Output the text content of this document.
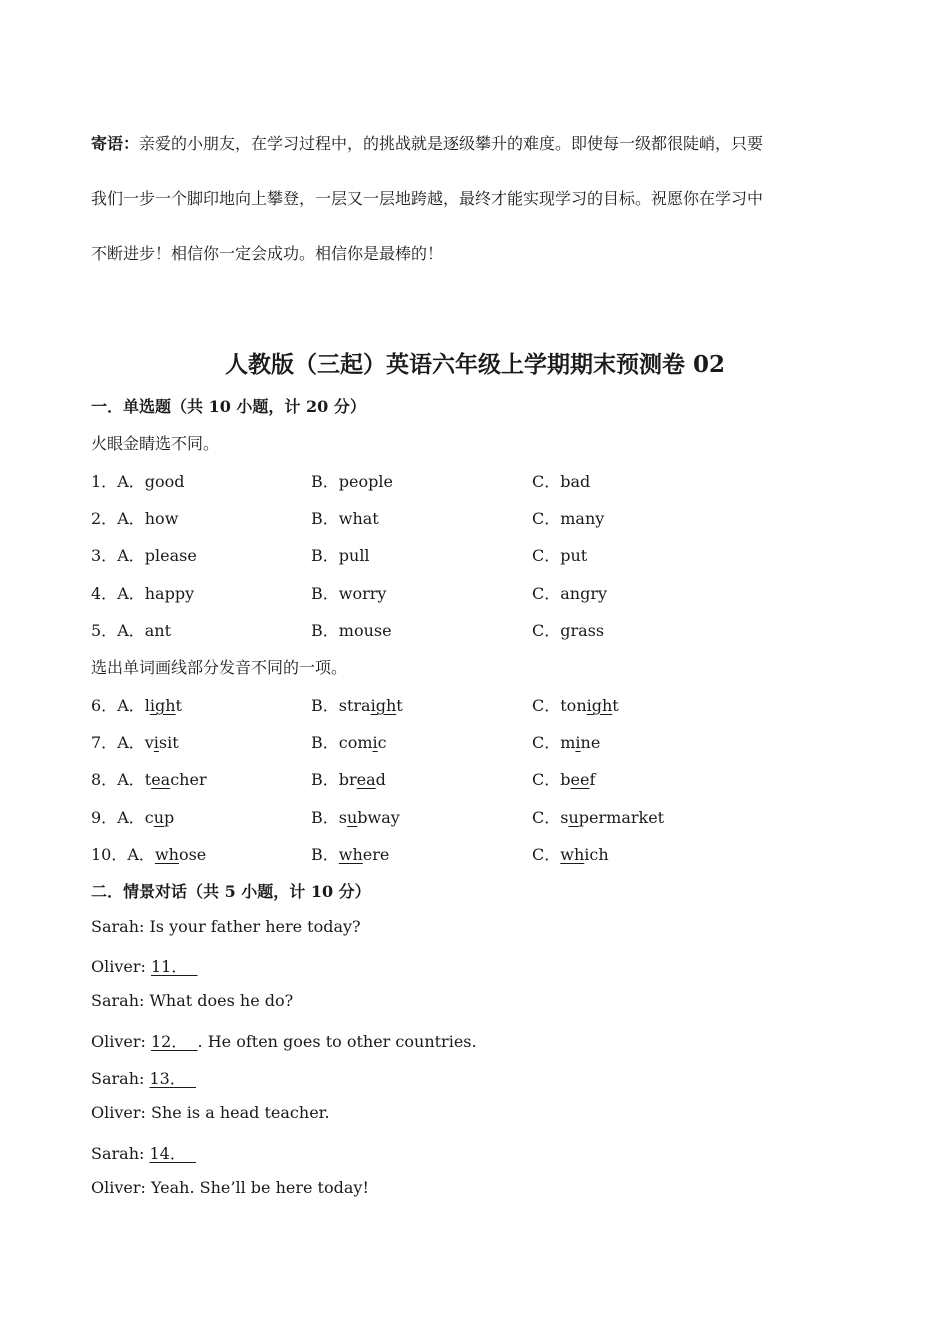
寄语：亲爱的小朋友，在学习过程中，的挑战就是逐级攀升的难度。即使每一级都很陡峭，只要
我们一步一个脚印地向上攀登，一层又一层地跨越，最终才能实现学习的目标。祝愿你在学习中
不断进步！相信你一定会成功。相信你是最棒的！
人教版（三起）英语六年级上学期期末预测卷 02
一．单选题（共 10 小题，计 20 分）
火眼金睛选不同。
1．A．good	B．people	C．bad
2．A．how	B．what	C．many
3．A．please	B．pull	C．put
4．A．happy	B．worry	C．angry
5．A．ant	B．mouse	C．grass
选出单词画线部分发音不同的一项。
6．A．light	B．straight	C．tonight
7．A．visit	B．comic	C．mine
8．A．teacher	B．bread	C．beef
9．A．cup	B．subway	C．supermarket
10．A．whose	B．where	C．which
二．情景对话（共 5 小题，计 10 分）
Sarah: Is your father here today?
Oliver: 11．
Sarah: What does he do?
Oliver: 12．  . He often goes to other countries.
Sarah: 13．
Oliver: She is a head teacher.
Sarah: 14．
Oliver: Yeah. She’ll be here today!
